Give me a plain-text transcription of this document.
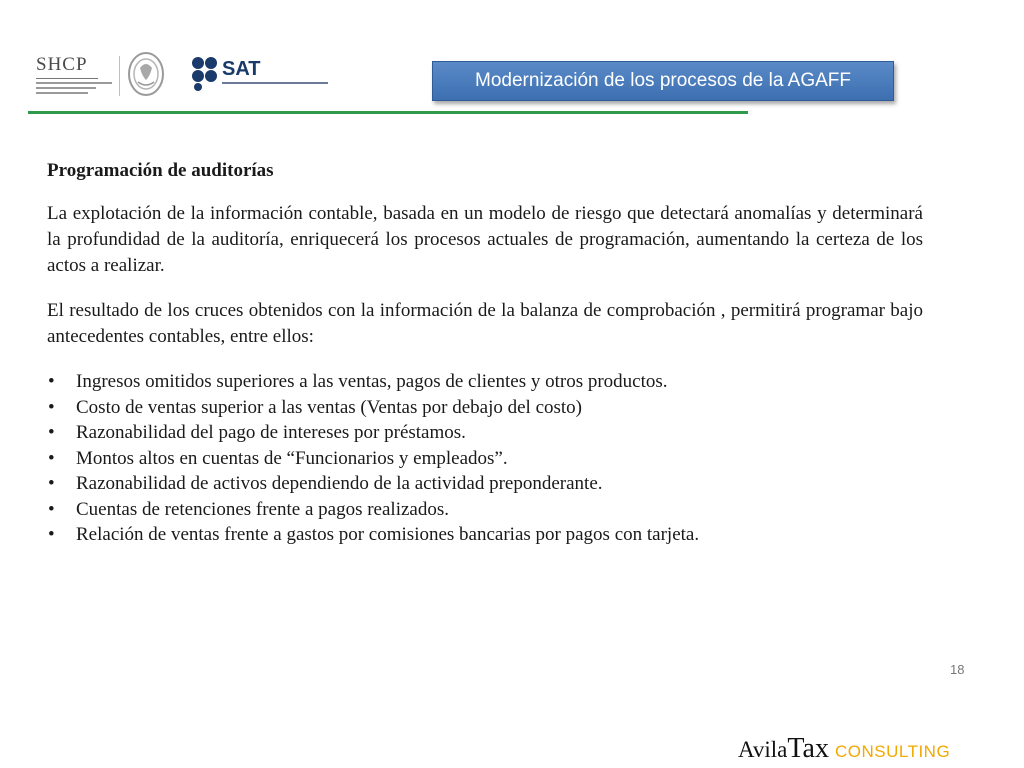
SHCP	SAT
Modernización de los procesos de la AGAFF
Programación de auditorías

La explotación de la información contable, basada en un modelo de riesgo que detectará anomalías y determinará la profundidad de la auditoría, enriquecerá los procesos actuales de programación, aumentando la certeza de los actos a realizar.

El resultado de los cruces obtenidos con la información de la balanza de comprobación , permitirá programar bajo antecedentes contables, entre ellos:

• Ingresos omitidos superiores a las ventas, pagos de clientes y otros productos.
• Costo de ventas superior a las ventas (Ventas por debajo del costo)
• Razonabilidad del pago de intereses por préstamos.
• Montos altos en cuentas de “Funcionarios y empleados”.
• Razonabilidad de activos dependiendo de la actividad preponderante.
• Cuentas de retenciones frente a pagos realizados.
• Relación de ventas frente a gastos por comisiones bancarias por pagos con tarjeta.
18
Avila Tax CONSULTING
